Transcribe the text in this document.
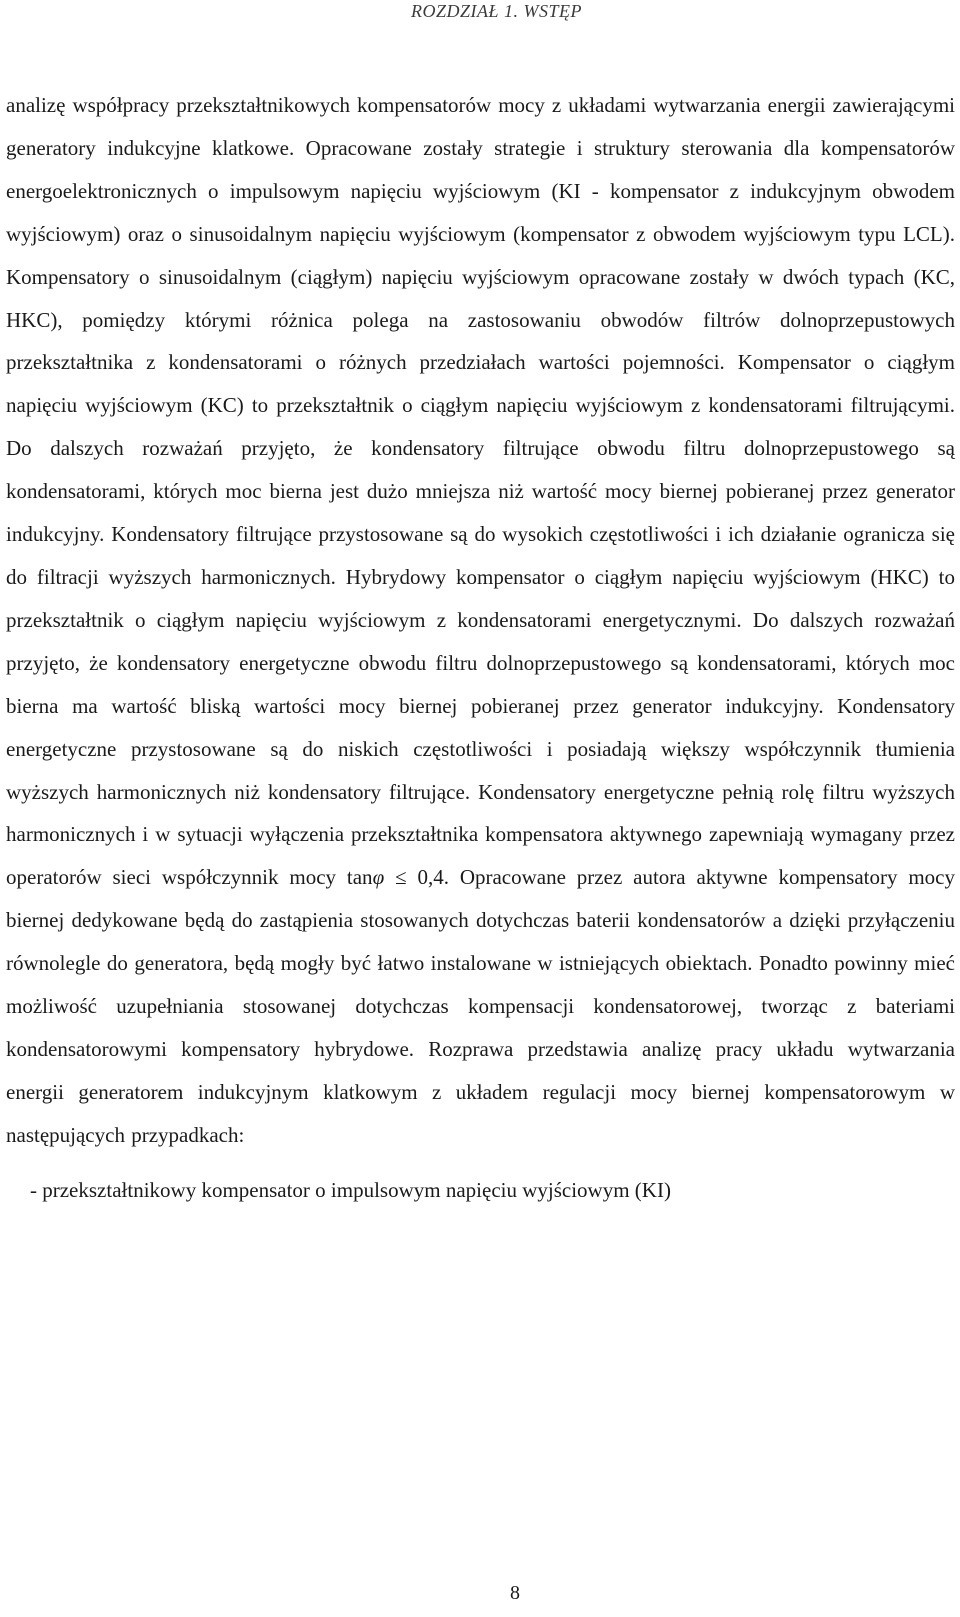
ROZDZIAŁ 1. WSTĘP

analizę współpracy przekształtnikowych kompensatorów mocy z układami wytwarzania energii zawierającymi generatory indukcyjne klatkowe. Opracowane zostały strategie i struktury sterowania dla kompensatorów energoelektronicznych o impulsowym napięciu wyjściowym (KI - kompensator z indukcyjnym obwodem wyjściowym) oraz o sinusoidalnym napięciu wyjściowym (kompensator z obwodem wyjściowym typu LCL). Kompensatory o sinusoidalnym (ciągłym) napięciu wyjściowym opracowane zostały w dwóch typach (KC, HKC), pomiędzy którymi różnica polega na zastosowaniu obwodów filtrów dolnoprzepustowych przekształtnika z kondensatorami o różnych przedziałach wartości pojemności. Kompensator o ciągłym napięciu wyjściowym (KC) to przekształtnik o ciągłym napięciu wyjściowym z kondensatorami filtrującymi. Do dalszych rozważań przyjęto, że kondensatory filtrujące obwodu filtru dolnoprzepustowego są kondensatorami, których moc bierna jest dużo mniejsza niż wartość mocy biernej pobieranej przez generator indukcyjny. Kondensatory filtrujące przystosowane są do wysokich częstotliwości i ich działanie ogranicza się do filtracji wyższych harmonicznych. Hybrydowy kompensator o ciągłym napięciu wyjściowym (HKC) to przekształtnik o ciągłym napięciu wyjściowym z kondensatorami energetycznymi. Do dalszych rozważań przyjęto, że kondensatory energetyczne obwodu filtru dolnoprzepustowego są kondensatorami, których moc bierna ma wartość bliską wartości mocy biernej pobieranej przez generator indukcyjny. Kondensatory energetyczne przystosowane są do niskich częstotliwości i posiadają większy współczynnik tłumienia wyższych harmonicznych niż kondensatory filtrujące. Kondensatory energetyczne pełnią rolę filtru wyższych harmonicznych i w sytuacji wyłączenia przekształtnika kompensatora aktywnego zapewniają wymagany przez operatorów sieci współczynnik mocy tanφ ≤ 0,4. Opracowane przez autora aktywne kompensatory mocy biernej dedykowane będą do zastąpienia stosowanych dotychczas baterii kondensatorów a dzięki przyłączeniu równolegle do generatora, będą mogły być łatwo instalowane w istniejących obiektach. Ponadto powinny mieć możliwość uzupełniania stosowanej dotychczas kompensacji kondensatorowej, tworząc z bateriami kondensatorowymi kompensatory hybrydowe. Rozprawa przedstawia analizę pracy układu wytwarzania energii generatorem indukcyjnym klatkowym z układem regulacji mocy biernej kompensatorowym w następujących przypadkach:

- przekształtnikowy kompensator o impulsowym napięciu wyjściowym (KI)
8
